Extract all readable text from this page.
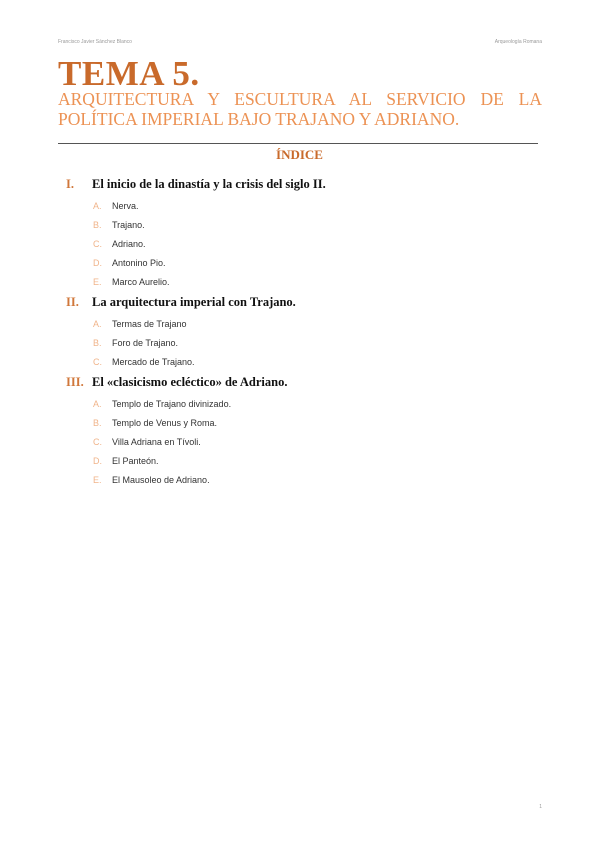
Francisco Javier Sánchez Blanco	Arqueología Romana
TEMA 5.

ARQUITECTURA Y ESCULTURA AL SERVICIO DE LA POLÍTICA IMPERIAL BAJO TRAJANO Y ADRIANO.

ÍNDICE
I.	El inicio de la dinastía y la crisis del siglo II.
A. Nerva.
B. Trajano.
C. Adriano.
D. Antonino Pio.
E. Marco Aurelio.
II.	La arquitectura imperial con Trajano.
A. Termas de Trajano
B. Foro de Trajano.
C. Mercado de Trajano.
III. El «clasicismo ecléctico» de Adriano.
A. Templo de Trajano divinizado.
B. Templo de Venus y Roma.
C. Villa Adriana en Tívoli.
D. El Panteón.
E. El Mausoleo de Adriano.
1
